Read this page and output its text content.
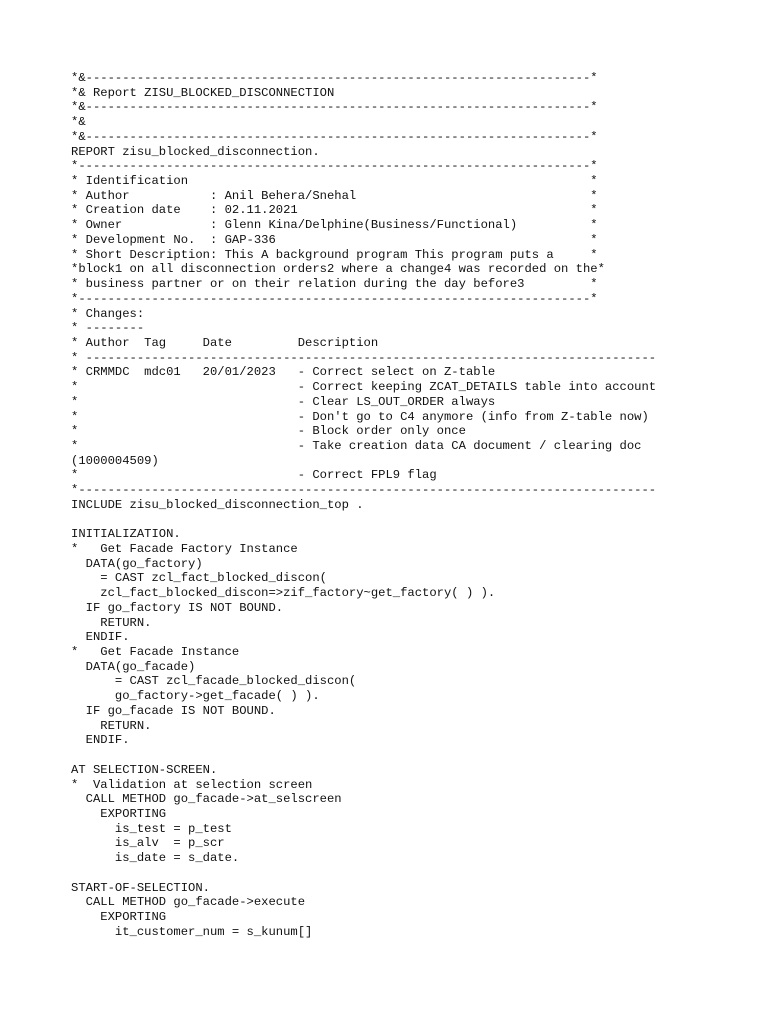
*&---------------------------------------------------------------------*
*& Report ZISU_BLOCKED_DISCONNECTION
*&---------------------------------------------------------------------*
*&
*&---------------------------------------------------------------------*
REPORT zisu_blocked_disconnection.
*----------------------------------------------------------------------*
* Identification                                                       *
* Author           : Anil Behera/Snehal                                *
* Creation date    : 02.11.2021                                        *
* Owner            : Glenn Kina/Delphine(Business/Functional)          *
* Development No.  : GAP-336                                           *
* Short Description: This A background program This program puts a     *
*block1 on all disconnection orders2 where a change4 was recorded on the*
* business partner or on their relation during the day before3         *
*----------------------------------------------------------------------*
* Changes:
* --------
* Author  Tag     Date         Description
* ------------------------------------------------------------------------------
* CRMMDC  mdc01   20/01/2023   - Correct select on Z-table
*                              - Correct keeping ZCAT_DETAILS table into account
*                              - Clear LS_OUT_ORDER always
*                              - Don't go to C4 anymore (info from Z-table now)
*                              - Block order only once
*                              - Take creation data CA document / clearing doc
(1000004509)
*                              - Correct FPL9 flag
*-------------------------------------------------------------------------------
INCLUDE zisu_blocked_disconnection_top .
INITIALIZATION.
*   Get Facade Factory Instance
DATA(go_factory)
= CAST zcl_fact_blocked_discon(
zcl_fact_blocked_discon=>zif_factory~get_factory( ) ).
IF go_factory IS NOT BOUND.
RETURN.
ENDIF.
*   Get Facade Instance
DATA(go_facade)
= CAST zcl_facade_blocked_discon(
go_factory->get_facade( ) ).
IF go_facade IS NOT BOUND.
RETURN.
ENDIF.
AT SELECTION-SCREEN.
*  Validation at selection screen
CALL METHOD go_facade->at_selscreen
EXPORTING
is_test = p_test
is_alv  = p_scr
is_date = s_date.
START-OF-SELECTION.
CALL METHOD go_facade->execute
EXPORTING
it_customer_num = s_kunum[]
